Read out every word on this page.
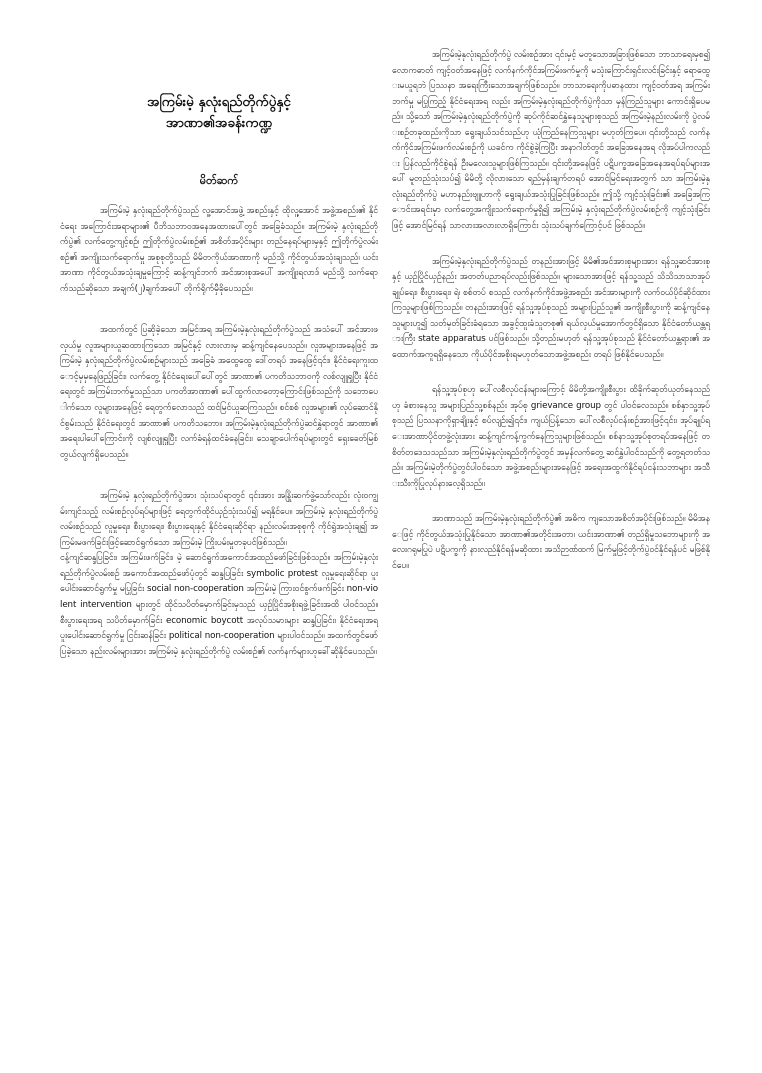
အကြမ်းမဲ့ နှလုံးရည်တိုက်ပွဲနှင့်
အာဏာ၏အခန်းကဏ္ဍ
မိတ်ဆက်

အကြမ်းမဲ့ နှလုံးရည်တိုက်ပွဲသည် လူ့အောင်အဖွဲ့ အစည်းနှင့် ထိုလူ့အောင် အဖွဲ့အစည်း၏ နိုင်ငံရေး အကြောင်းအရာများ၏ ပီဘိသဘာဝအနေအထားပေါ်တွင် အခြေခံသည်။ အကြမ်းမဲ့ နှလုံးရည်တိုက်ပွဲ၏ လက်တွေ့ကျင့်စဉ်၊ ဤတိုက်ပွဲလမ်းစဉ်၏ အစိတ်အပိုင်းများ တည်နေရပ်များမှနှင့် ဤတိုက်ပွဲလမ်းစဉ်၏ အကျိုးသက်ရောက်မှု အစုစုတို့သည် မိမိတကိုယ်အာဏာကို မည်သို့ ကိုင်တွယ်အသုံးချသည်၊ ယင်းအာဏာ ကိုင်တွယ်အသုံးချမှုကြောင့် ဆန့်ကျင်ဘက် အင်အားစုအပေါ် အကျိုးရလာဒ် မည်သို့ သက်ရောက်သည်ဆိုသော အချက်(၂)ချက်အပေါ် တိုက်ရိုက်မှီခိုပေသည်။

အထက်တွင် ပြဆိုခဲ့သော အမြင်အရ အကြမ်းမဲ့နှလုံးရည်တိုက်ပွဲသည် အသံပေါ် အင်အားဖလှယ်မှု လူအများယူဆထားကြသော အမြင်နှင့် လားလားမှ ဆန့်ကျင်နေပေသည်။ လူအများအနေဖြင့် အကြမ်းမဲ့ နှလုံးရည်တိုက်ပွဲလမ်းစဉ်များသည် အခြေခံ အထွေထွေ ဒေါ်တရပ် အနေဖြင့်၎င်း၊ နိုင်ငံရေးကူးထောင့်မှမှနေဖြည့်ခြင်း၊ လက်တွေ့ နိုင်ငံရေးပေါ်ပေါ်တွင် အာဏာ၏ ပကတိသဘာဝကို လစ်လျူရှုပြီး နိုင်ငံရေးတွင် အကြမ်းဘက်မှုသည်သာ ပကတိအာဏာ၏ ပေါ်ထွက်လာတော့ကြောင်းဖြစ်သည်ကို သဘောပေါက်သော လူများအနေဖြင့် ရေတွက်လောသည် ထင်မြင်ယူဆကြသည်။ စင်စစ် လူအများ၏ လုပ်ဆောင်နိုင်စွမ်းသည် နိုင်ငံရေးတွင် အာဏာ၏ ပကတိသဘော။ အကြမ်းမဲ့နှလုံးရည်တိုက်ပွဲဆင်နွှဲရာတွင် အာဏာ၏ အရေးပါပေါ်ကြောင်းကို လျစ်လျူရှုပြီး လက်ခံရန်ထင်ခံနေခြင်း၊ သေချာပေါက်ရပ်များတွင် ရှေးခေတ်မြစ်တွယ်လျက်ရှိပေသည်။

အကြမ်းမဲ့ နှလုံးရည်တိုက်ပွဲအား သုံးသပ်ရာတွင် ၎င်းအား အနြိုးဆက်ဖွဲ့သော်လည်း လုံးဝကျွမ်းကျင်သည့် လမ်းစဉ်လုပ်ရပ်များဖြင့် ရေတွက်ထိုင်ယှဉ်သုံးသပ်၍ မရနိုင်ပေ။ အကြမ်းမဲ့ နှလုံးရည်တိုက်ပွဲလမ်းစဉ်သည် လူမှုရေး၊ စီးပွားရေး၊ စီးပွားရေးနှင့် နိုင်ငံရေးဆိုင်ရာ နည်းလမ်းအစုစုကို ကိုင်ရွဲအသုံးချ၍ အကြမ်းမဖက်ခြင်းဖြင့်ဆောင်ရွက်သော အကြမ်းမဲ့ ကြိုးပမ်းမှုတခုပင်ဖြစ်သည်။

ငန့်ကျင်ဆန္ဒပြခြင်း၊ အကြမ်းဖက်ခြင်း၊ မဲ့ ဆောင်ရွက်အကောင်အထည်ဖော်ခြင်းဖြစ်သည်။ အကြမ်းမဲ့နှလုံးရည်တိုက်ပွဲလမ်းစဉ် အကောင်အထည်ဖော်ပုံတွင် ဆန္ဒပြခြင်း symbolic protest လူမှုရေးဆိုင်ရာ ပူးပေါင်းဆောင်ရွက်မှု မပြုခြင်း social non-cooperation အကြမ်းမဲ့ ကြားဝင်စွက်ဖက်ခြင်း non-violent intervention များတွင် ထိုင်သပိတ်မှောက်ခြင်းမှသည် ယှဉ်ပြိုင်အစိုးရဖွဲ့ခြင်းအထိ ပါဝင်သည်။ စီးပွားရေးအရ သပိတ်မှောက်ခြင်း economic boycott အလုပ်သမားများ ဆန္ဒပြခြင်း၊ နိုင်ငံရေးအရ ပူးပေါင်းဆောင်ရွက်မှု ငြင်းဆန်ခြင်း political non-cooperation များပါဝင်သည်။ အထက်တွင်ဖော်ပြခဲ့သော နည်းလမ်းများအား အကြမ်းမဲ့ နှလုံးရည်တိုက်ပွဲ လမ်းစဉ်၏ လက်နက်များဟုခေါ်ဆိုနိုင်ပေသည်။

အကြမ်းမဲ့နှလုံးရည်တိုက်ပွဲ လမ်းစဉ်အား ၎င်းမှင့် မတူသောအခြားဖြစ်သော ဘာသာရေးမှစ၍ လောကဓာတ် ကျင့်ဝတ်အနေဖြင့် လက်နက်ကိုင်အကြမ်းဖက်မှုကို မသုံးကြောင်းရှင်းလင်းခြင်းနှင့် ရောထွေးမယူရဘဲ ပြဿနာ အရေးကြီးသောအချက်ဖြစ်သည်။ ဘာသာရေးကိုပဓာနထား ကျင့်ဝတ်အရ အကြမ်းဘက်မှု မပြုကြည့် နိုင်ငံရေးအရ လည်း အကြမ်းမဲ့နှလုံးရည်တိုက်ပွဲကိုသာ မှန်ကြည်သူများ ကောင်းရှိပေမည်။ သို့သော် အကြမ်းမဲ့နှလုံးရည်တိုက်ပွဲကို ဆုပ်ကိုင်ဆင်နွှဲနေသူများစုသည် အကြမ်းမဲ့နည်းလမ်းကို ပွဲလမ်းစဉ်တခုထည်းကိုသာ ရွေးချယ်သင်သည်ဟု ယုံကြည်နေကြသူများ မဟုတ်ကြပေ။ ၎င်းတို့သည် လက်နက်ကိုင်အကြမ်းဖက်လမ်းစဉ်ကို ယခင်က ကိုင်စွဲခဲ့ကြပြီး အနာဂါတ်တွင် အခြေအနေအရ လိုအပ်ပါကလည်း ပြန်လည်ကိုင်စွဲရန် ဦးမလေးသူများဖြစ်ကြသည်။ ၎င်းတို့အနေဖြင့် ပဋိပက္ခအခြေအနေအရပ်ရပ်များအပေါ် မူတည်သုံးသပ်၍ မိမိတို့ လိုလားသော ရည်မှန်းချက်တရပ် အောင်မြင်ရေးအတွက် သာ အကြမ်းမဲ့နှလုံးရည်တိုက်ပွဲ မဟာနည်းဗျူဟာကို ရွေးချယ်အသုံးပြုခြင်းဖြစ်သည်။ ဤသို့ ကျင့်သုံးခြင်း၏ အခြေအကြောင်းအရင်းမှာ လက်တွေ့အကျိုးသက်ရောက်မှုရှိ၍ အကြမ်းမဲ့ နှလုံးရည်တိုက်ပွဲလမ်းစဉ်ကို ကျင့်သုံးခြင်းဖြင့် အောင်မြင်ရန် သာလားအလားလာရှိကြောင်း သုံးသပ်ချက်ကြောင့်ပင် ဖြစ်သည်။

အကြမ်းမဲ့နှလုံးရည်တိုက်ပွဲသည် တနည်းအားဖြင့် မိမိ၏အင်အားစုများအား ရန်သူ့ဆင်အားစုနှင့် ယှဉ်ပြိုင်ယှဉ်နည်း အတတ်ပညာရပ်လည်းဖြစ်သည်။ များသောအားဖြင့် ရန်သူ့သည် သိသိသာသာအုပ်ချုပ်ရေး၊ စီးပွားရေး၊ ရဲ၊ စစ်တပ် စသည် လက်နက်ကိုင်အဖွဲ့အစည်း အင်အားများကို လက်ဝယ်ပိုင်ဆိုင်ထားကြသူများဖြစ်ကြသည်။ တနည်းအားဖြင့် ရန်သူ့အုပ်စုသည် အများပြည်သူ၏ အကျိုးစီးပွားကို ဆန့်ကျင်နေသူများဟူ၍ သတ်မှတ်ခြင်းခံရသော အခွင့်ထူးခံသူတစု၏ ရယ်လှယ်မှုအောက်တွင်ရှိသော နိုင်ငံတော်ယန္တရားကြီး state apparatus ပင်ဖြစ်သည်။ သို့တည်းမဟုတ် ရန်သူ့အုပ်စုသည် နိုင်ငံတော်ယန္တရား၏ အထောက်အကူရရှိနေသော ကိုယ်ပိုင်အစိုးရမဟုတ်သောအဖွဲ့အစည်း တရပ် ဖြစ်နိုင်ပေသည်။

ရန်သူ့အုပ်စုဟု ပေါ်လစီလုပ်ငန်းများကြောင့် မိမိတို့အကျိုးစီးပွား ထိခိုက်ဆုတ်ယုတ်နေသည်ဟု ခံစားနေသူ အများပြည်သူ့စစ်နည်း အုပ်စု grievance group တွင် ပါဝင်လေသည်။ စစ်နှာသူ့အုပ်စုသည် ပြဿနာကိုရှာချိုးနှင့် စပ်လျဉ်း၍၎င်း၊ ကျယ်ပြန့်သော ပေါ်လစီလုပ်ငန်းစဉ်အားဖြင့်၎င်း၊ အုပ်ချုပ်ရေးအာဏာပိုင်တဖွဲ့လုံးအား ဆန့်ကျင်ကန့်ကွက်နေကြသူများဖြစ်သည်။ စစ်နာသူ့အုပ်စုတရပ်အနေဖြင့် တစိတ်တဒေသသည်သာ အကြမ်းမဲ့နှလုံးရည်တိုက်ပွဲတွင် အမှန်လက်တွေ့ ဆင်နွှဲပါဝင်သည်ကို တွေ့ရတတ်သည်။ အကြမ်းမဲ့တိုက်ပွဲတွင်ပါဝင်သော အဖွဲ့အစည်းများအနေဖြင့် အရေးအထွက်နိုင်ရပ်ငန်းသဘာများ အသီးသီးကိုပြုလုပ်နားလေ့ရှိသည်။

အာဏာသည် အကြမ်းမဲ့နှလုံးရည်တိုက်ပွဲ၏ အဓိက ကျသောအစိတ်အပိုင်းဖြစ်သည်။ မိမိအနေဖြင့် ကိုင်တွယ်အသုံးပြုနိုင်သော အာဏာ၏အတိုင်းအတာ၊ ယင်းအာဏာ၏ တည်ရှိမှုသဘောများကို အလေးဂရုမပြုပဲ ပဋိပက္ခကို နားလည်နိုင်ရန်မဆိုထား အသိဉာဏ်ထက် မြက်မှုဖြင့်တိုက်ပွဲဝင်နိုင်ရန်ပင် မဖြစ်နိုင်ပေ။
